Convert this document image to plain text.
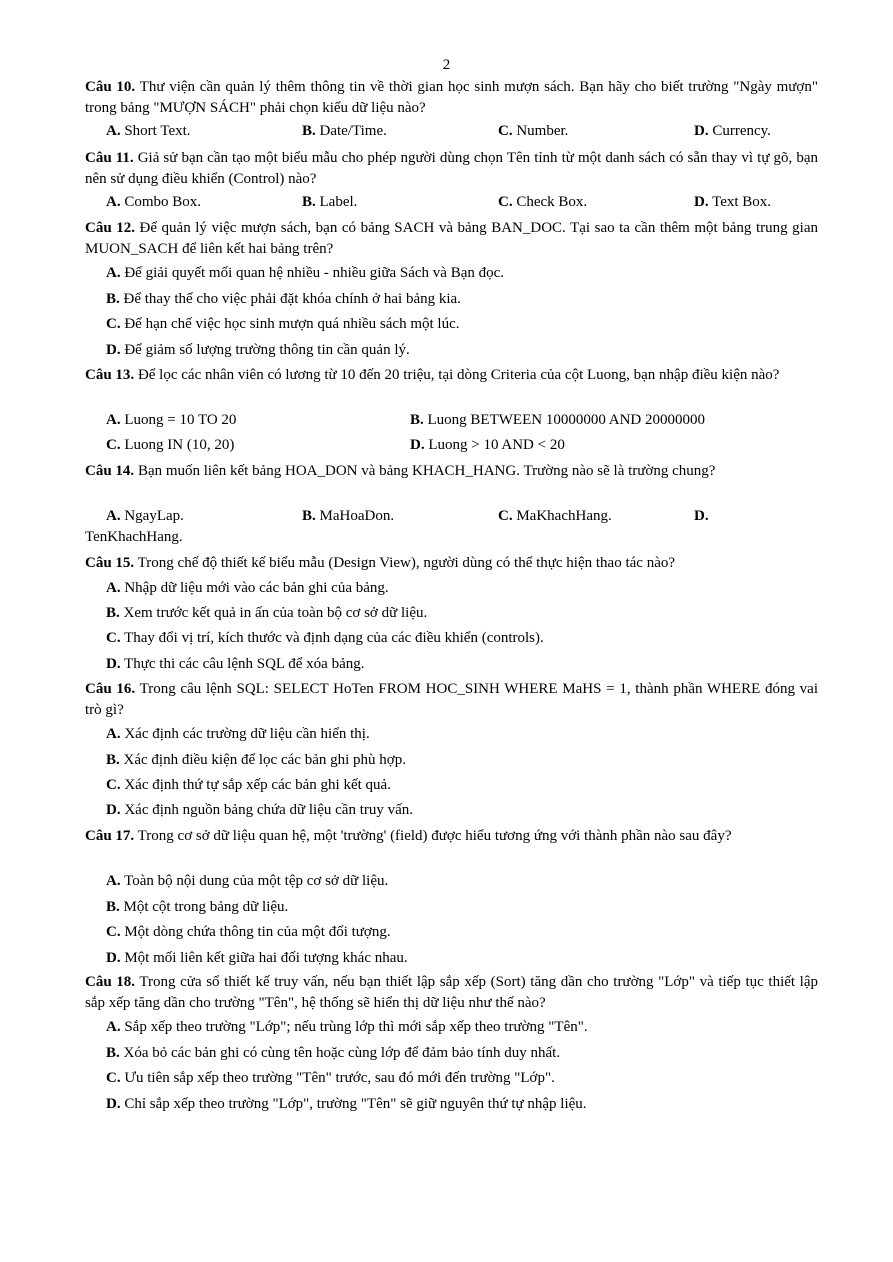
2
Câu 10. Thư viện cần quản lý thêm thông tin về thời gian học sinh mượn sách. Bạn hãy cho biết trường "Ngày mượn" trong bảng "MƯỢN SÁCH" phải chọn kiểu dữ liệu nào?
A. Short Text.	B. Date/Time.	C. Number.	D. Currency.
Câu 11. Giả sử bạn cần tạo một biểu mẫu cho phép người dùng chọn Tên tỉnh từ một danh sách có sẵn thay vì tự gõ, bạn nên sử dụng điều khiển (Control) nào?
A. Combo Box.	B. Label.	C. Check Box.	D. Text Box.
Câu 12. Để quản lý việc mượn sách, bạn có bảng SACH và bảng BAN_DOC. Tại sao ta cần thêm một bảng trung gian MUON_SACH để liên kết hai bảng trên?
A. Để giải quyết mối quan hệ nhiều - nhiều giữa Sách và Bạn đọc.
B. Để thay thế cho việc phải đặt khóa chính ở hai bảng kia.
C. Để hạn chế việc học sinh mượn quá nhiều sách một lúc.
D. Để giảm số lượng trường thông tin cần quản lý.
Câu 13. Để lọc các nhân viên có lương từ 10 đến 20 triệu, tại dòng Criteria của cột Luong, bạn nhập điều kiện nào?
A. Luong = 10 TO 20	B. Luong BETWEEN 10000000 AND 20000000
C. Luong IN (10, 20)	D. Luong > 10 AND < 20
Câu 14. Bạn muốn liên kết bảng HOA_DON và bảng KHACH_HANG. Trường nào sẽ là trường chung?
A. NgayLap.	B. MaHoaDon.	C. MaKhachHang.	D.
TenKhachHang.
Câu 15. Trong chế độ thiết kế biểu mẫu (Design View), người dùng có thể thực hiện thao tác nào?
A. Nhập dữ liệu mới vào các bản ghi của bảng.
B. Xem trước kết quả in ấn của toàn bộ cơ sở dữ liệu.
C. Thay đổi vị trí, kích thước và định dạng của các điều khiển (controls).
D. Thực thi các câu lệnh SQL để xóa bảng.
Câu 16. Trong câu lệnh SQL: SELECT HoTen FROM HOC_SINH WHERE MaHS = 1, thành phần WHERE đóng vai trò gì?
A. Xác định các trường dữ liệu cần hiển thị.
B. Xác định điều kiện để lọc các bản ghi phù hợp.
C. Xác định thứ tự sắp xếp các bản ghi kết quả.
D. Xác định nguồn bảng chứa dữ liệu cần truy vấn.
Câu 17. Trong cơ sở dữ liệu quan hệ, một 'trường' (field) được hiểu tương ứng với thành phần nào sau đây?
A. Toàn bộ nội dung của một tệp cơ sở dữ liệu.
B. Một cột trong bảng dữ liệu.
C. Một dòng chứa thông tin của một đối tượng.
D. Một mối liên kết giữa hai đối tượng khác nhau.
Câu 18. Trong cửa sổ thiết kế truy vấn, nếu bạn thiết lập sắp xếp (Sort) tăng dần cho trường "Lớp" và tiếp tục thiết lập sắp xếp tăng dần cho trường "Tên", hệ thống sẽ hiển thị dữ liệu như thế nào?
A. Sắp xếp theo trường "Lớp"; nếu trùng lớp thì mới sắp xếp theo trường "Tên".
B. Xóa bỏ các bản ghi có cùng tên hoặc cùng lớp để đảm bảo tính duy nhất.
C. Ưu tiên sắp xếp theo trường "Tên" trước, sau đó mới đến trường "Lớp".
D. Chỉ sắp xếp theo trường "Lớp", trường "Tên" sẽ giữ nguyên thứ tự nhập liệu.
